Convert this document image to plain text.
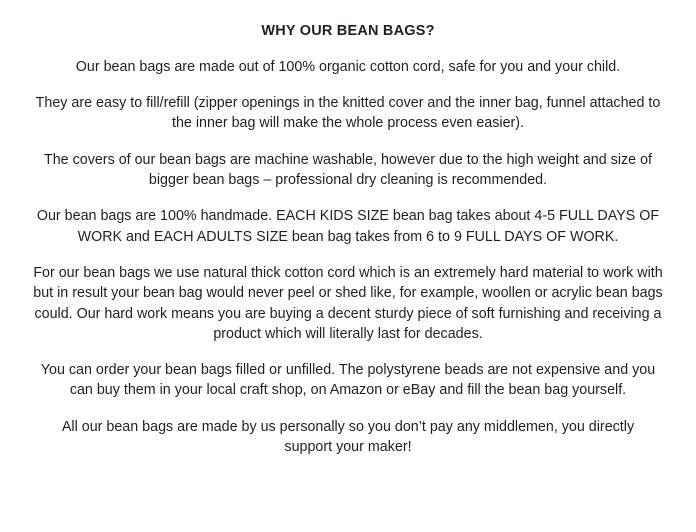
WHY OUR BEAN BAGS?

Our bean bags are made out of 100% organic cotton cord, safe for you and your child.

They are easy to fill/refill (zipper openings in the knitted cover and the inner bag, funnel attached to the inner bag will make the whole process even easier).

The covers of our bean bags are machine washable, however due to the high weight and size of bigger bean bags – professional dry cleaning is recommended.

Our bean bags are 100% handmade. EACH KIDS SIZE bean bag takes about 4-5 FULL DAYS OF WORK and EACH ADULTS SIZE bean bag takes from 6 to 9 FULL DAYS OF WORK.

For our bean bags we use natural thick cotton cord which is an extremely hard material to work with but in result your bean bag would never peel or shed like, for example, woollen or acrylic bean bags could. Our hard work means you are buying a decent sturdy piece of soft furnishing and receiving a product which will literally last for decades.

You can order your bean bags filled or unfilled. The polystyrene beads are not expensive and you can buy them in your local craft shop, on Amazon or eBay and fill the bean bag yourself.

All our bean bags are made by us personally so you don’t pay any middlemen, you directly support your maker!
